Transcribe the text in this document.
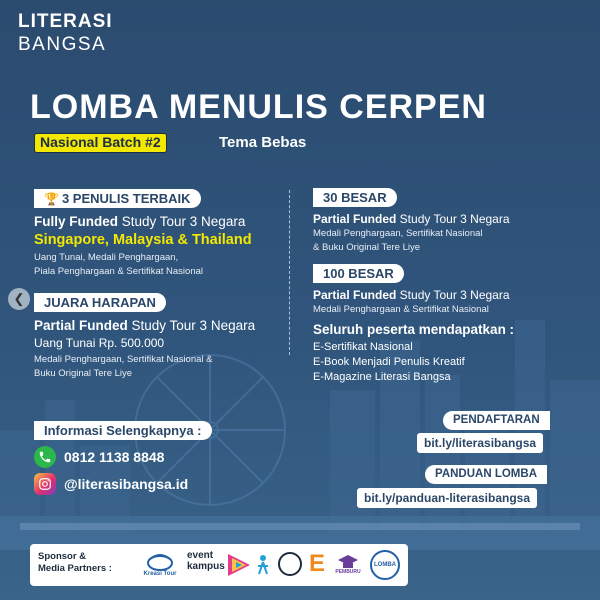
LITERASI
BANGSA
LOMBA MENULIS CERPEN
Nasional Batch #2	Tema Bebas
❮
🏆 3 PENULIS TERBAIK
Fully Funded Study Tour 3 Negara
Singapore, Malaysia & Thailand
Uang Tunai, Medali Penghargaan,
Piala Penghargaan & Sertifikat Nasional
JUARA HARAPAN
Partial Funded Study Tour 3 Negara
Uang Tunai Rp. 500.000
Medali Penghargaan, Sertifikat Nasional &
Buku Original Tere Liye
30 BESAR
Partial Funded Study Tour 3 Negara
Medali Penghargaan, Sertifikat Nasional
& Buku Original Tere Liye
100 BESAR
Partial Funded Study Tour 3 Negara
Medali Penghargaan & Sertifikat Nasional
Seluruh peserta mendapatkan :
E-Sertifikat Nasional
E-Book Menjadi Penulis Kreatif
E-Magazine Literasi Bangsa
Informasi Selengkapnya :
0812 1138 8848
@literasibangsa.id
PENDAFTARAN
bit.ly/literasibangsa
PANDUAN LOMBA
bit.ly/panduan-literasibangsa
Sponsor &
Media Partners :	Kreasi Tour
event
kampus	E PEMBURU
LOMBA
